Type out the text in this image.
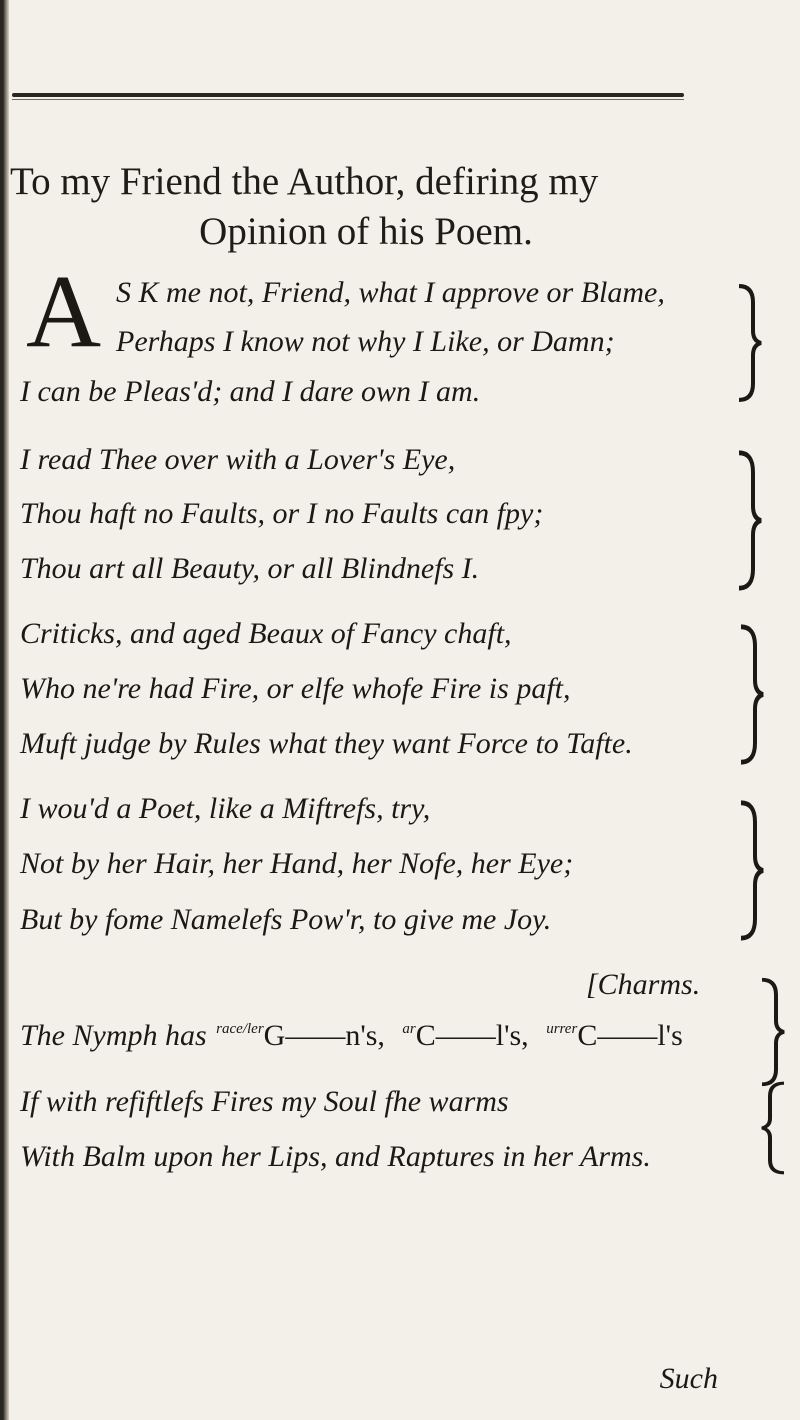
To my Friend the Author, defiring my
Opinion of his Poem.
A S K me not, Friend, what I approve or Blame,
Perhaps I know not why I Like, or Damn;
I can be Pleas'd; and I dare own I am.
I read Thee over with a Lover's Eye,
Thou haft no Faults, or I no Faults can fpy;
Thou art all Beauty, or all Blindnefs I.
Criticks, and aged Beaux of Fancy chaft,
Who ne're had Fire, or elfe whofe Fire is paft,
Muft judge by Rules what they want Force to Tafte.
I wou'd a Poet, like a Miftrefs, try,
Not by her Hair, her Hand, her Nofe, her Eye;
But by fome Namelefs Pow'r, to give me Joy.
[Charms.
The Nymph has $^{race/ler}$G——n's, $^{ar}$C——l's, $^{urrer}$C——l's
If with refiftlefs Fires my Soul fhe warms
With Balm upon her Lips, and Raptures in her Arms.
Such
